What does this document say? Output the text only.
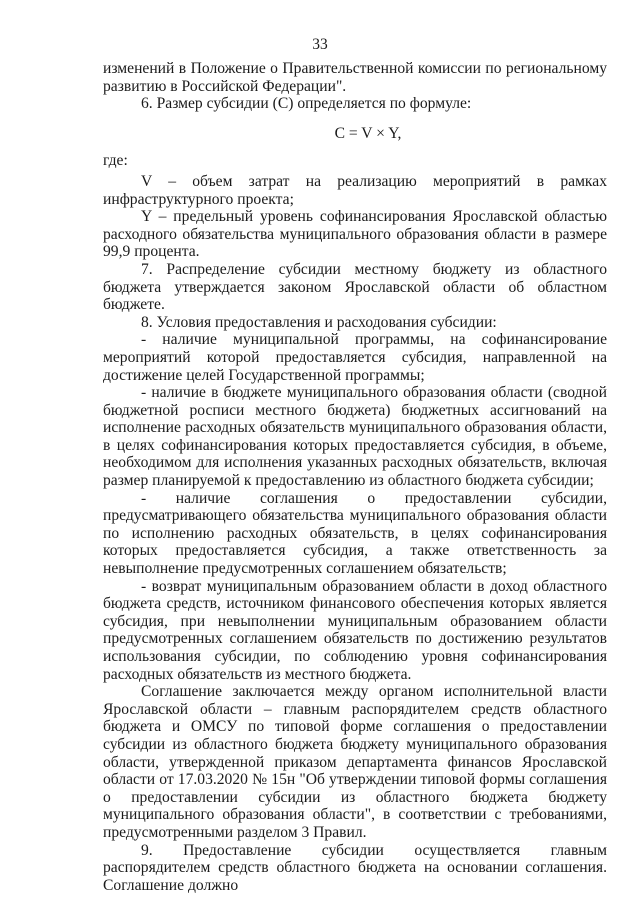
33

изменений в Положение о Правительственной комиссии по региональному развитию в Российской Федерации".

6. Размер субсидии (С) определяется по формуле:

C = V × Y,

где:

V – объем затрат на реализацию мероприятий в рамках инфраструктурного проекта;

Y – предельный уровень софинансирования Ярославской областью расходного обязательства муниципального образования области в размере 99,9 процента.

7. Распределение субсидии местному бюджету из областного бюджета утверждается законом Ярославской области об областном бюджете.

8. Условия предоставления и расходования субсидии:

- наличие муниципальной программы, на софинансирование мероприятий которой предоставляется субсидия, направленной на достижение целей Государственной программы;

- наличие в бюджете муниципального образования области (сводной бюджетной росписи местного бюджета) бюджетных ассигнований на исполнение расходных обязательств муниципального образования области, в целях софинансирования которых предоставляется субсидия, в объеме, необходимом для исполнения указанных расходных обязательств, включая размер планируемой к предоставлению из областного бюджета субсидии;

- наличие соглашения о предоставлении субсидии, предусматривающего обязательства муниципального образования области по исполнению расходных обязательств, в целях софинансирования которых предоставляется субсидия, а также ответственность за невыполнение предусмотренных соглашением обязательств;

- возврат муниципальным образованием области в доход областного бюджета средств, источником финансового обеспечения которых является субсидия, при невыполнении муниципальным образованием области предусмотренных соглашением обязательств по достижению результатов использования субсидии, по соблюдению уровня софинансирования расходных обязательств из местного бюджета.

Соглашение заключается между органом исполнительной власти Ярославской области – главным распорядителем средств областного бюджета и ОМСУ по типовой форме соглашения о предоставлении субсидии из областного бюджета бюджету муниципального образования области, утвержденной приказом департамента финансов Ярославской области от 17.03.2020 № 15н "Об утверждении типовой формы соглашения о предоставлении субсидии из областного бюджета бюджету муниципального образования области", в соответствии с требованиями, предусмотренными разделом 3 Правил.

9. Предоставление субсидии осуществляется главным распорядителем средств областного бюджета на основании соглашения. Соглашение должно
